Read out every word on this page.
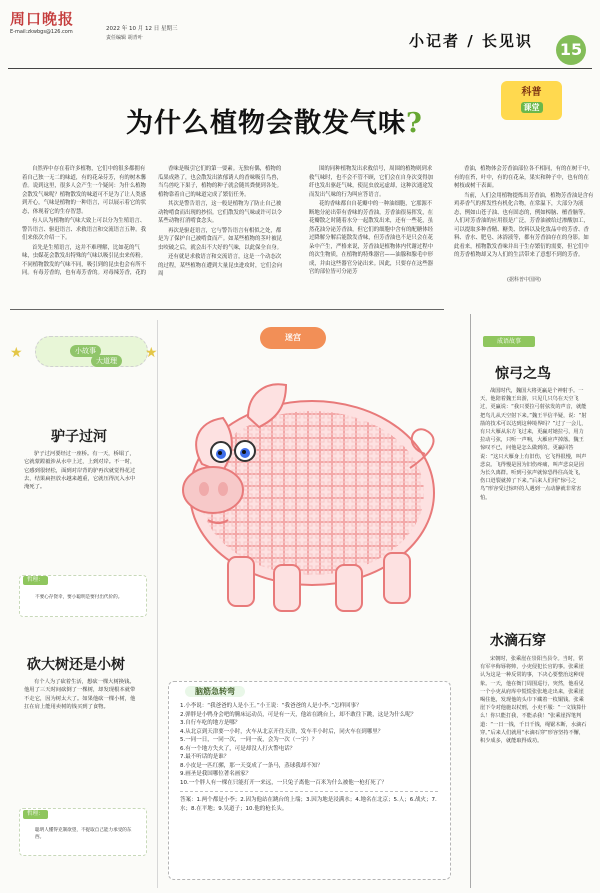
周口晚报
E-mail:zkwbgs@126.com	2022 年 10 月 12 日 星期三
责任编辑 胡青叶	小记者 / 长见识 15
为什么植物会散发气味?
科普
课堂

自然界中存在着许多植物，它们中的很多都拥有着自己独一无二的味道，有的花朵芬芳，有的树木馨香。说到这里，很多人会产生一个疑问：为什么植物会散发气味呢？植物散发的味道可不是为了让人类感到开心，气味是植物的一种语言，可以展示着它的状态，体现着它的生存智慧。

有人认为植物的气味大致上可以分为生殖语言、警告语言、驱赶语言、求救语言和交流语言五种。我们来依次介绍一下。

首先是生殖语言，这并不难理解，比如花的气味，虫媒花会散发出特殊的气味以吸引昆虫来传粉。不同植物散发的气味不同，吸引到的昆虫也会有所不同。有毒芳香的，也有毒芳香的。对毒辣芳香，花的

香味是吸引它们的第一要素。无独有偶，植物的瓜果成熟了，也会散发出浓郁诱人的香味吸引鸟兽，当鸟兽吃下果子，植物的种子就会随其粪便到各处。植物靠着自己的味道完成了繁衍任务。

其次是警告语言，这一般是植物为了防止自己被动物啃食而出现的抄招。它们散发的气味或许可以令某些动物打消啃食念头。

再次是驱赶语言，它与警告语言有相似之处，都是为了保护自己被啃食而产。如某些植物的茎叶被昆虫咬破之后，就会出不大好的气味，以此保全自身。

还有就是求救语言和交流语言，这是一个动态次的过程，某些植物在遭到大量昆虫进攻时，它们会向周

围的同种植物发出求救信号，周围的植物则到求救气味时，也不会不管不顾，它们会在自身次变得加纤也发出驱赶气味，使昆虫放远虚却，这种次通途发而发出气味的行为叫应答语言。

花的香味都自自花瓣中的一种油细胞，它那源不断地分泌出带有香味的芳香油，芳香油很易挥发，在花瓣散之时随着水分一起散发出来，还有一些花，虽然花油分泌芳香油，但它们的细胞中含有的配糖体经过降解分解后能散发香味，但芳香油也不是只会在花朵中产生，严格来说，芳香油是植物体内代谢过程中的次生物质，在植物的特殊器官——油腺和腺毛中形成，并由这些器官分泌出来。因此，只要存在这些器官的部位皆可分泌芳

香油，植物体会芳香油部位各不相同，有的在树干中，有的在苔，叶中，有的在花朵，果实和种子中，也有的在树枝或树干表面。

当前，人们会用植物提炼出芳香油，植物芳香油是含有鸡养香气的挥发性有机化合物，在常温下，大部分为液态，例如山苍子油、也有固态的，例如樟脑、檀香脑等。人们对芳香油的应用很是广泛，芳香油被给过渗酸加工，可以提取多种香精、糖类、饮料以及化妆品中的芳香、香料、香水、肥皂、沐浴液等，都有芳香油存在的身影。如此看来，植物散发香味并出于生存繁衍的需要，但它们中的芳香植物却又为人们的生活带来了意想不到的芳香。

(据科普中国网)
小故事
大道理
★	★
驴子过河

驴子过河要经过一座桥。有一天，桥塌了，它就蒙蹚毅涉从水中上过，上到对岸。不一时，它感到很轻松，面到对岸背的驴再次就觉得花过去，结果扁担放水越来越重，它就压得沉入水中淹死了。

哲理：
不要心存侥幸，要小聪明是要付出代价的。
砍大树还是小树

有个人为了砍着生活，想砍一棵大树换钱。他用了三天时间砍倒了一棵树，却发现根本就带不走它，因为树太大了。如果他砍一棵小树，他扛在肩上能用卖树的钱买到了食物。

哲理：
聪明人懂得克制欲望，不捉取自己能力承受的东西。
迷宫
脑筋急转弯
1.小李说：“我爸爸的人是小王。”小王说：“我爸爸的人是小李。”怎样回事？
2.弹胖是小鸭身会吧的腾床运动员，可是有一天，他站在跳台上，却不敢往下跳，这是为什么呢？
3.自行车吃的地方是哪？
4.从北京到天津要一小时，火车从北京开往天津，发车半小时后，同火车在到哪里？
5.一同一日，一同一次，一同一夜，会为一次（一字）？
6.有一个地方失火了，可是却没人打火警电话？
7.最不听话的是谁？
8.小皮是一匹红骡，那一天变成了一条马，蒸球我却不知？
9.画圣是我国哪位著名画家？
10.一个胖人有一棵在只能打开一来远，一只兔子离他一百米为什么被他一枪打死了？
答案：1.两个都是小李；2.因为他站在跳台的上端；3.因为地是浸满水；4.地名在北京；5.人；6.战火；7.水；8.在平地；9.吴道子；10.他的枪长头。
成语故事
惊弓之鸟

战国时代，魏国大将更赢是个神射手。一天，他陪着魏王出游，只见几只鸟在天空飞过，更赢说：“我只要拉弓射弦发的声音，就能把鸟儿从天空射下来。”魏王半信半疑，说：“射箭的技术可以达到这种境界吗？”过了一会儿，有只大雁从东方飞过来，更赢对她拉弓，用力拉动弓弦，只听一声响，大雁应声掉落。魏王惊叹不已，问他是怎么做到的。更赢回答说：“这只大雁身上有旧伤，它飞得很慢，叫声悲哀。飞得慢是因为旧伤疼痛，叫声悲哀是因为长久离群。听到弓弦声就惊恐得往高处飞，伤口迸裂就掉了下来。”后来人们用“惊弓之鸟”形容受过惊吓的人遇到一点动静就非常害怕。

水滴石穿

宋朝时，张乘崖在崇阳当县令。当时，常有军卒侮辱将帅，小吏侵犯长官的事。张乘崖认为这是一种反常的事，下决心要整治这种现象。一天，他在衙门周围巡行，突然，他看见一个小吏从府库中慌慌张张地走出来，张乘崖喝住他，发现他的头巾下藏着一枚铜钱。张乘崖下令对他施以杖刑，小吏不服：“一文钱算什么！你只能打我，不能杀我！”张乘崖挥笔判道：“一日一钱，千日千钱，绳锯木断，水滴石穿。”后来人们就用“水滴石穿”形容坚持不懈，积少成多，就能取得成功。
